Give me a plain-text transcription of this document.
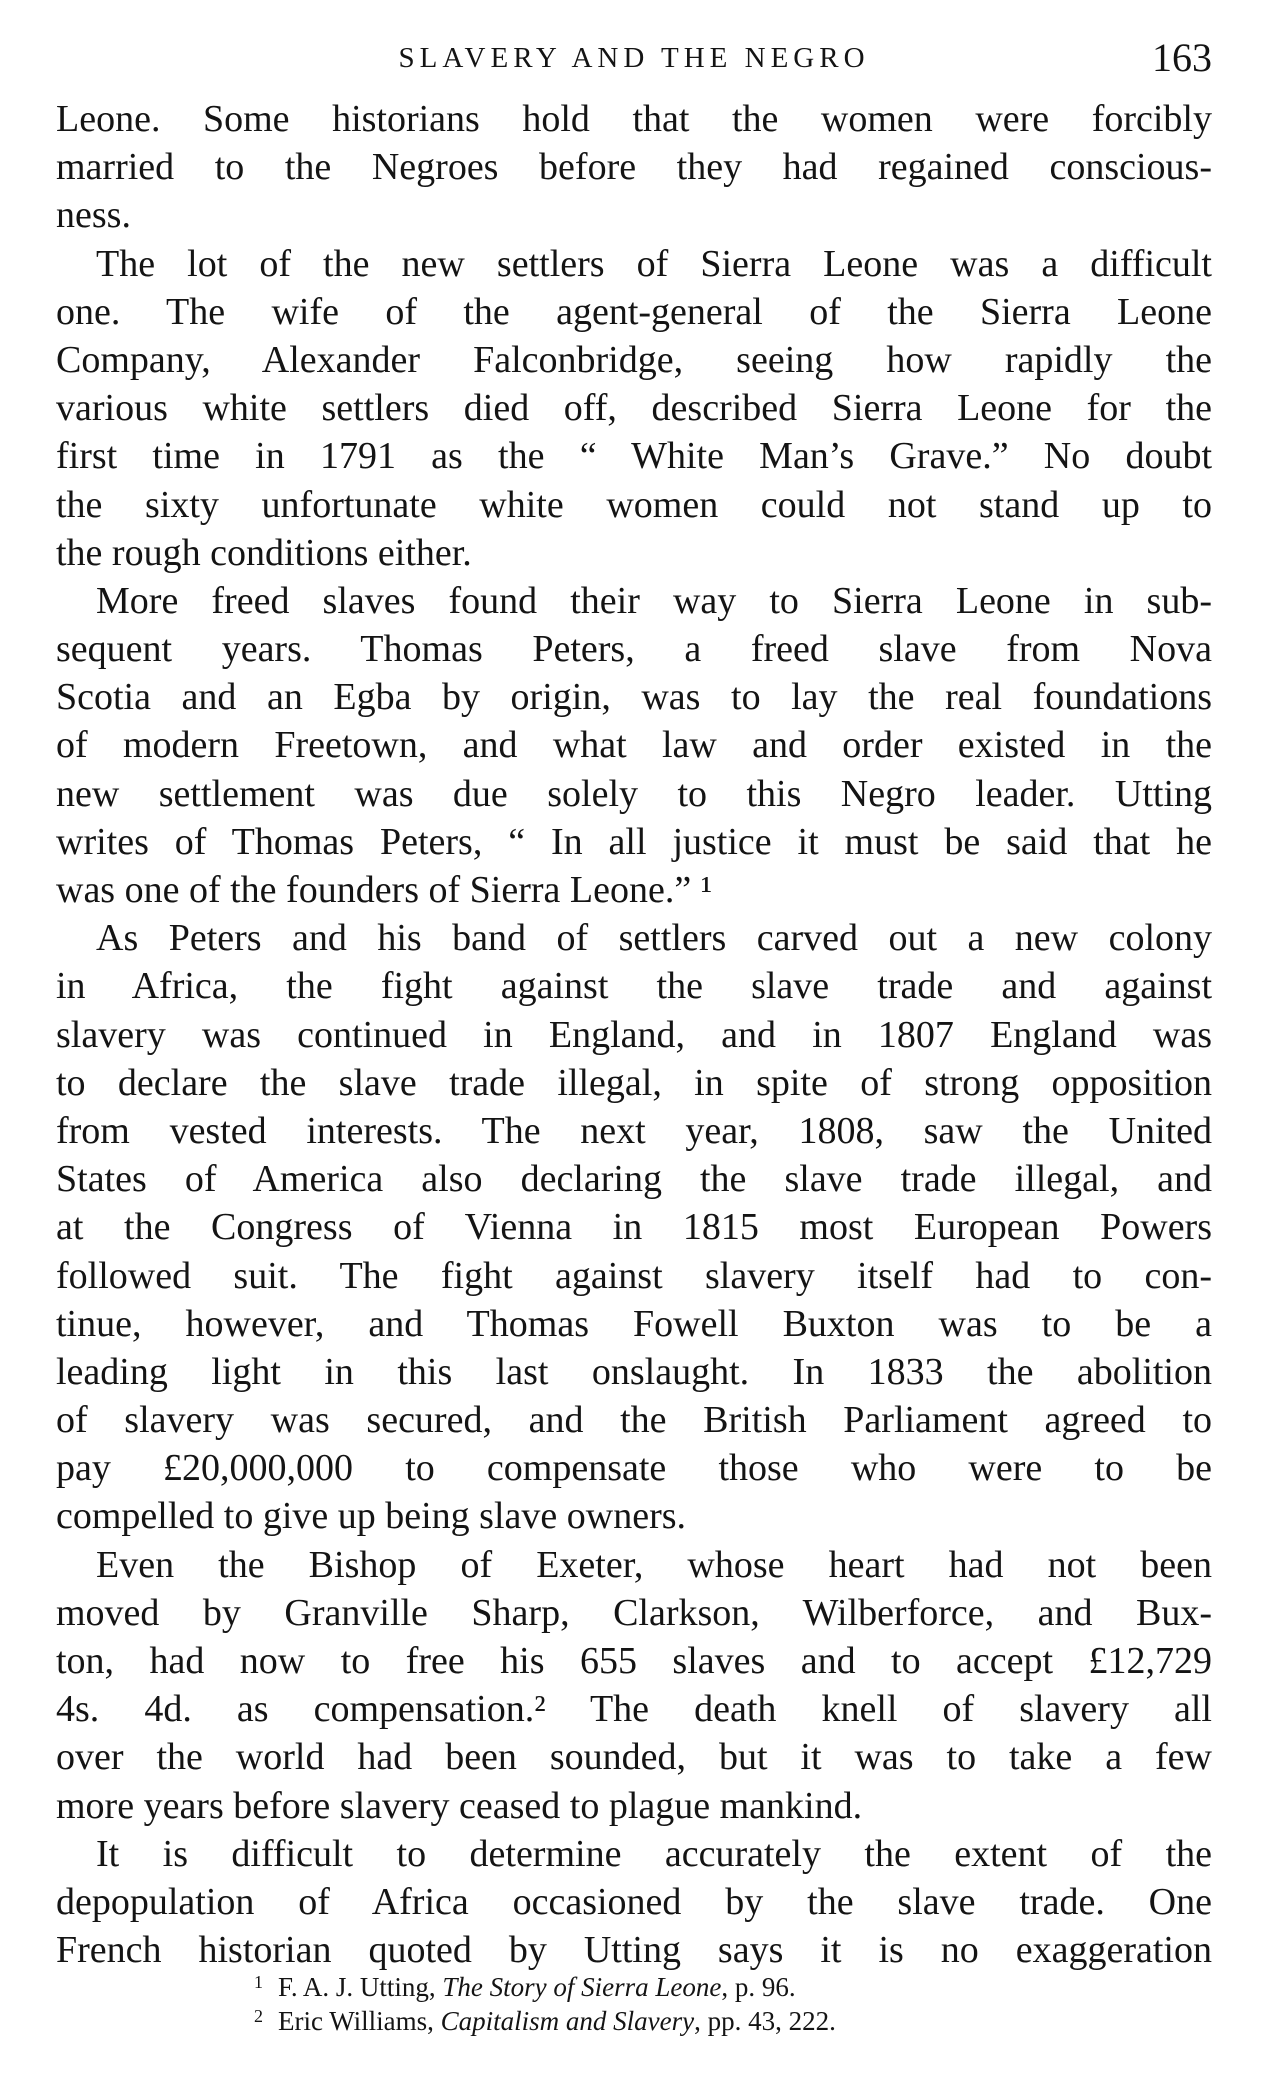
SLAVERY AND THE NEGRO	163
Leone. Some historians hold that the women were forcibly
married to the Negroes before they had regained conscious-
ness.
The lot of the new settlers of Sierra Leone was a difficult
one. The wife of the agent-general of the Sierra Leone
Company, Alexander Falconbridge, seeing how rapidly the
various white settlers died off, described Sierra Leone for the
first time in 1791 as the “ White Man’s Grave.” No doubt
the sixty unfortunate white women could not stand up to
the rough conditions either.
More freed slaves found their way to Sierra Leone in sub-
sequent years. Thomas Peters, a freed slave from Nova
Scotia and an Egba by origin, was to lay the real foundations
of modern Freetown, and what law and order existed in the
new settlement was due solely to this Negro leader. Utting
writes of Thomas Peters, “ In all justice it must be said that he
was one of the founders of Sierra Leone.” ¹
As Peters and his band of settlers carved out a new colony
in Africa, the fight against the slave trade and against
slavery was continued in England, and in 1807 England was
to declare the slave trade illegal, in spite of strong opposition
from vested interests. The next year, 1808, saw the United
States of America also declaring the slave trade illegal, and
at the Congress of Vienna in 1815 most European Powers
followed suit. The fight against slavery itself had to con-
tinue, however, and Thomas Fowell Buxton was to be a
leading light in this last onslaught. In 1833 the abolition
of slavery was secured, and the British Parliament agreed to
pay £20,000,000 to compensate those who were to be
compelled to give up being slave owners.
Even the Bishop of Exeter, whose heart had not been
moved by Granville Sharp, Clarkson, Wilberforce, and Bux-
ton, had now to free his 655 slaves and to accept £12,729
4s. 4d. as compensation.² The death knell of slavery all
over the world had been sounded, but it was to take a few
more years before slavery ceased to plague mankind.
It is difficult to determine accurately the extent of the
depopulation of Africa occasioned by the slave trade. One
French historian quoted by Utting says it is no exaggeration
1 F. A. J. Utting, The Story of Sierra Leone, p. 96.
2 Eric Williams, Capitalism and Slavery, pp. 43, 222.
